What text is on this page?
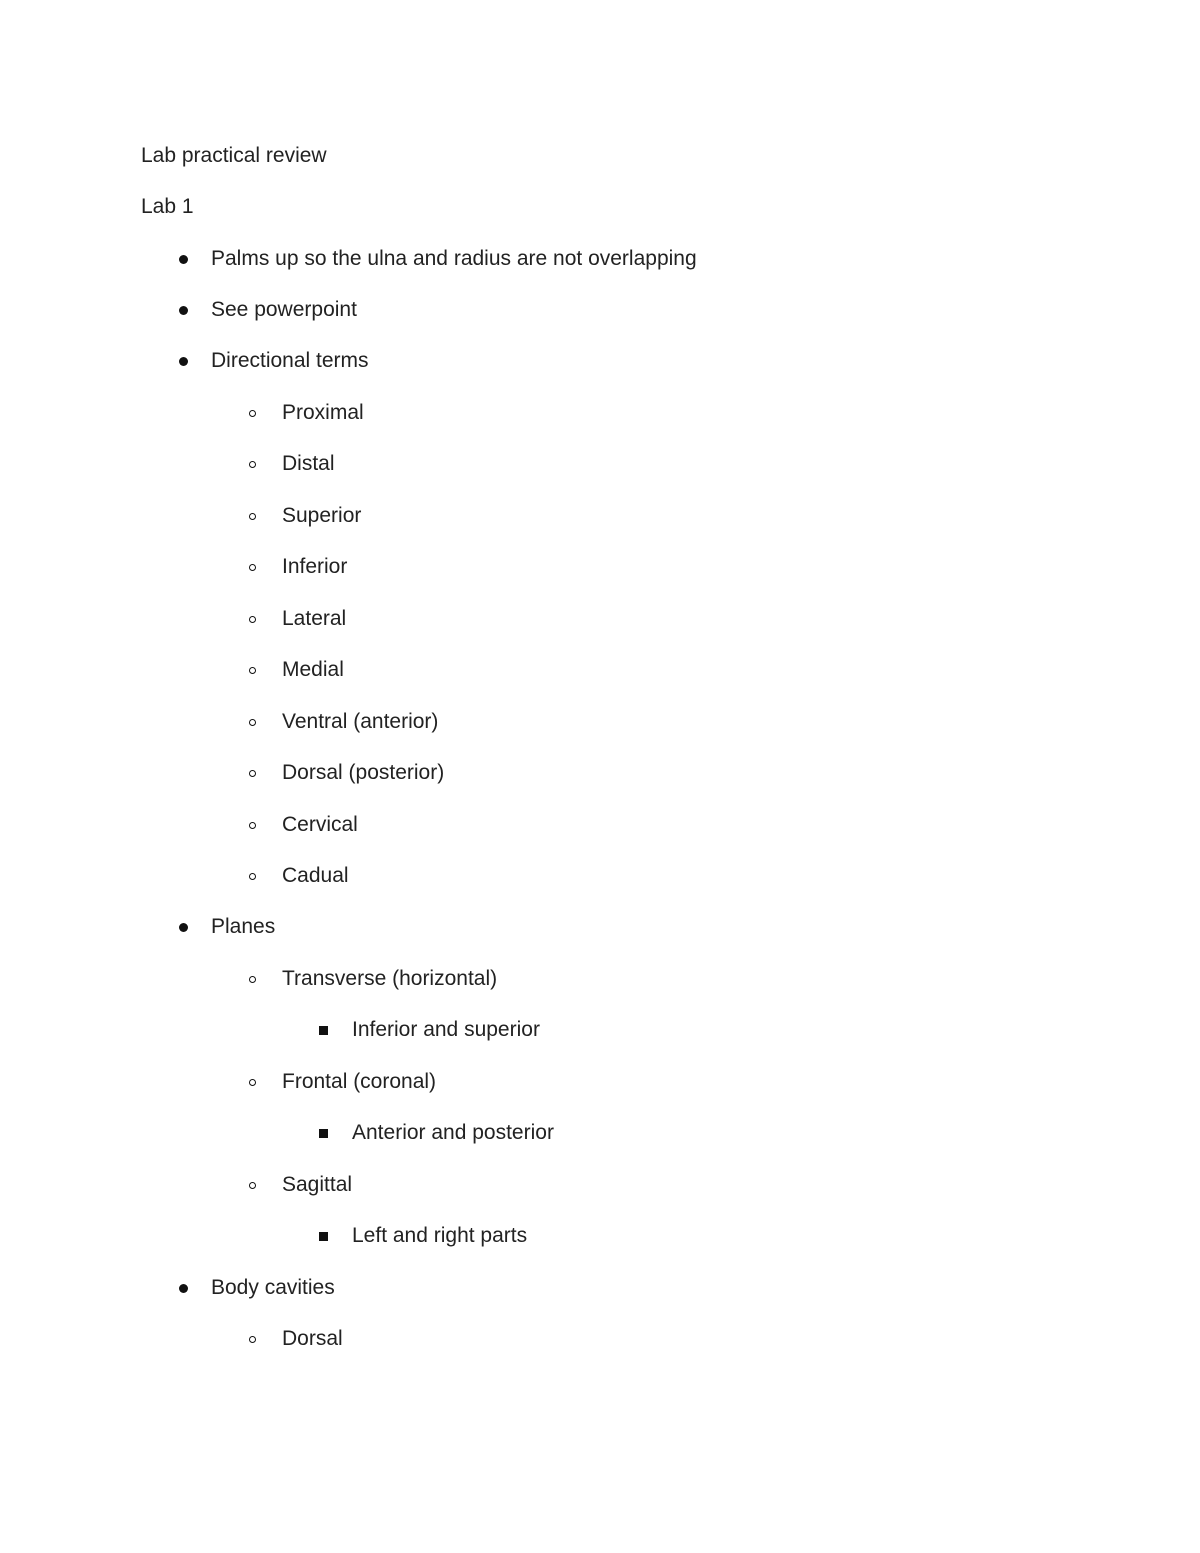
Lab practical review
Lab 1
Palms up so the ulna and radius are not overlapping
See powerpoint
Directional terms
Proximal
Distal
Superior
Inferior
Lateral
Medial
Ventral (anterior)
Dorsal (posterior)
Cervical
Cadual
Planes
Transverse (horizontal)
Inferior and superior
Frontal (coronal)
Anterior and posterior
Sagittal
Left and right parts
Body cavities
Dorsal
